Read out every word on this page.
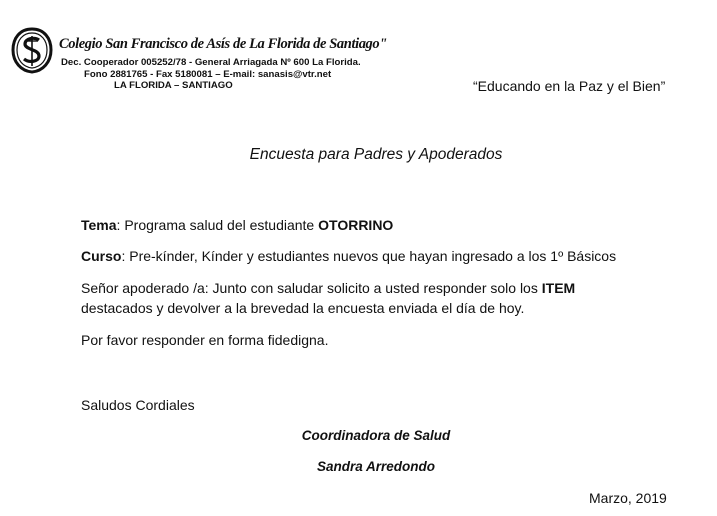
Colegio San Francisco de Asís de La Florida de Santiago"
Dec. Cooperador 005252/78 - General Arriagada Nº 600 La Florida.
Fono 2881765 - Fax 5180081 – E-mail: sanasis@vtr.net
LA FLORIDA – SANTIAGO	“Educando en la Paz y el Bien”
Encuesta para Padres y Apoderados
Tema: Programa salud del estudiante OTORRINO
Curso: Pre-kínder, Kínder y estudiantes nuevos que hayan ingresado a los 1º Básicos
Señor apoderado /a: Junto con saludar solicito a usted responder solo los ITEM
destacados y devolver a la brevedad la encuesta enviada el día de hoy.
Por favor responder en forma fidedigna.
Saludos Cordiales
Coordinadora de Salud
Sandra Arredondo
Marzo, 2019
